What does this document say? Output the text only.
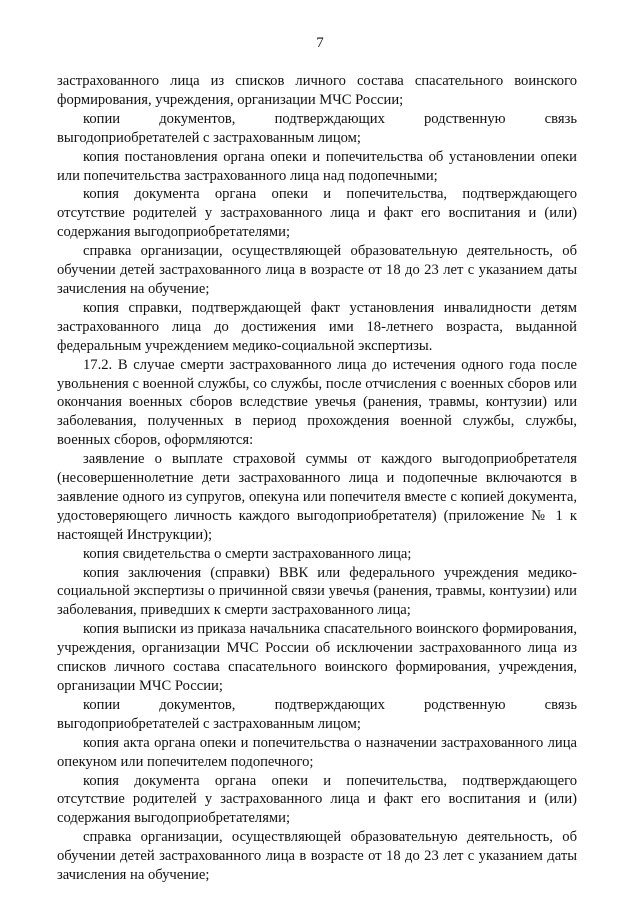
7

застрахованного лица из списков личного состава спасательного воинского формирования, учреждения, организации МЧС России;

копии документов, подтверждающих родственную связь выгодоприобретателей с застрахованным лицом;

копия постановления органа опеки и попечительства об установлении опеки или попечительства застрахованного лица над подопечными;

копия документа органа опеки и попечительства, подтверждающего отсутствие родителей у застрахованного лица и факт его воспитания и (или) содержания выгодоприобретателями;

справка организации, осуществляющей образовательную деятельность, об обучении детей застрахованного лица в возрасте от 18 до 23 лет с указанием даты зачисления на обучение;

копия справки, подтверждающей факт установления инвалидности детям застрахованного лица до достижения ими 18-летнего возраста, выданной федеральным учреждением медико-социальной экспертизы.

17.2. В случае смерти застрахованного лица до истечения одного года после увольнения с военной службы, со службы, после отчисления с военных сборов или окончания военных сборов вследствие увечья (ранения, травмы, контузии) или заболевания, полученных в период прохождения военной службы, службы, военных сборов, оформляются:

заявление о выплате страховой суммы от каждого выгодоприобретателя (несовершеннолетние дети застрахованного лица и подопечные включаются в заявление одного из супругов, опекуна или попечителя вместе с копией документа, удостоверяющего личность каждого выгодоприобретателя) (приложение № 1 к настоящей Инструкции);

копия свидетельства о смерти застрахованного лица;

копия заключения (справки) ВВК или федерального учреждения медико-социальной экспертизы о причинной связи увечья (ранения, травмы, контузии) или заболевания, приведших к смерти застрахованного лица;

копия выписки из приказа начальника спасательного воинского формирования, учреждения, организации МЧС России об исключении застрахованного лица из списков личного состава спасательного воинского формирования, учреждения, организации МЧС России;

копии документов, подтверждающих родственную связь выгодоприобретателей с застрахованным лицом;

копия акта органа опеки и попечительства о назначении застрахованного лица опекуном или попечителем подопечного;

копия документа органа опеки и попечительства, подтверждающего отсутствие родителей у застрахованного лица и факт его воспитания и (или) содержания выгодоприобретателями;

справка организации, осуществляющей образовательную деятельность, об обучении детей застрахованного лица в возрасте от 18 до 23 лет с указанием даты зачисления на обучение;
